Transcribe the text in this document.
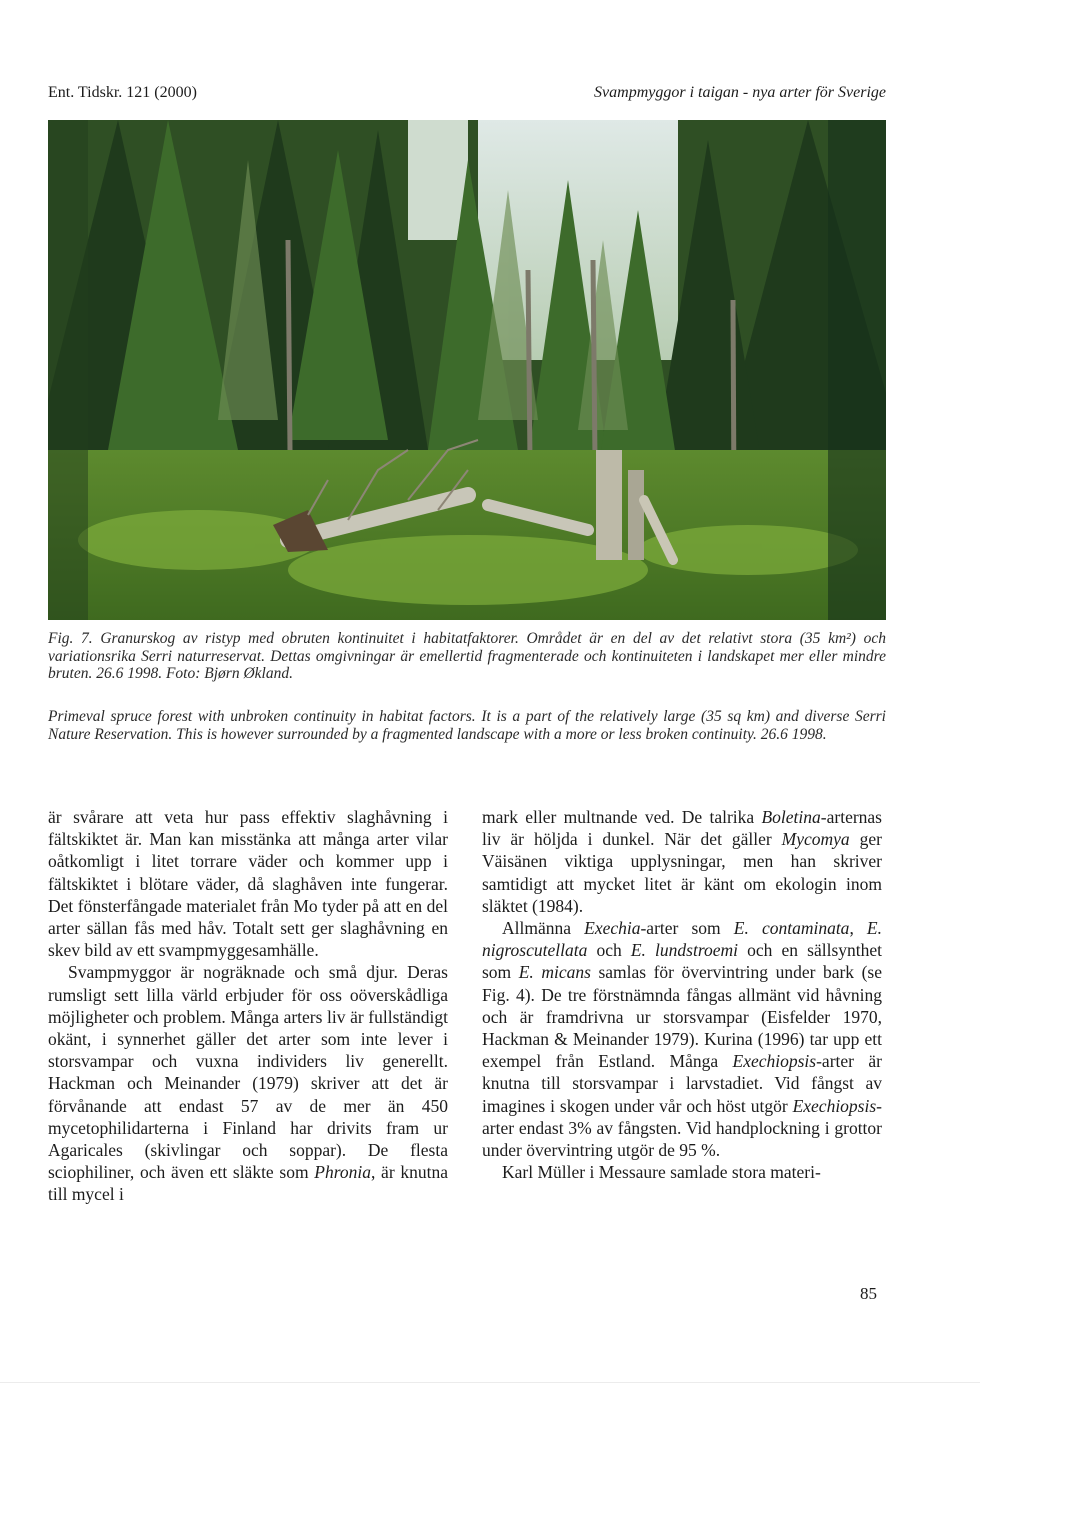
Ent. Tidskr. 121 (2000)	Svampmyggor i taigan - nya arter för Sverige

Fig. 7. Granurskog av ristyp med obruten kontinuitet i habitatfaktorer. Området är en del av det relativt stora (35 km²) och variationsrika Serri naturreservat. Dettas omgivningar är emellertid fragmenterade och kontinuiteten i landskapet mer eller mindre bruten. 26.6 1998. Foto: Bjørn Økland.

Primeval spruce forest with unbroken continuity in habitat factors. It is a part of the relatively large (35 sq km) and diverse Serri Nature Reservation. This is however surrounded by a fragmented landscape with a more or less broken continuity. 26.6 1998.

är svårare att veta hur pass effektiv slaghåvning i fältskiktet är. Man kan misstänka att många arter vilar oåtkomligt i litet torrare väder och kommer upp i fältskiktet i blötare väder, då slaghåven inte fungerar. Det fönsterfångade materialet från Mo tyder på att en del arter sällan fås med håv. Totalt sett ger slaghåvning en skev bild av ett svampmyggesamhälle.

Svampmyggor är nogräknade och små djur. Deras rumsligt sett lilla värld erbjuder för oss oöverskådliga möjligheter och problem. Många arters liv är fullständigt okänt, i synnerhet gäller det arter som inte lever i storsvampar och vuxna individers liv generellt. Hackman och Meinander (1979) skriver att det är förvånande att endast 57 av de mer än 450 mycetophilidarterna i Finland har drivits fram ur Agaricales (skivlingar och soppar). De flesta sciophiliner, och även ett släkte som Phronia, är knutna till mycel i

mark eller multnande ved. De talrika Boletina-arternas liv är höljda i dunkel. När det gäller Mycomya ger Väisänen viktiga upplysningar, men han skriver samtidigt att mycket litet är känt om ekologin inom släktet (1984).

Allmänna Exechia-arter som E. contaminata, E. nigroscutellata och E. lundstroemi och en sällsynthet som E. micans samlas för övervintring under bark (se Fig. 4). De tre förstnämnda fångas allmänt vid håvning och är framdrivna ur storsvampar (Eisfelder 1970, Hackman & Meinander 1979). Kurina (1996) tar upp ett exempel från Estland. Många Exechiopsis-arter är knutna till storsvampar i larvstadiet. Vid fångst av imagines i skogen under vår och höst utgör Exechiopsis-arter endast 3% av fångsten. Vid handplockning i grottor under övervintring utgör de 95 %.

Karl Müller i Messaure samlade stora materi-

85
